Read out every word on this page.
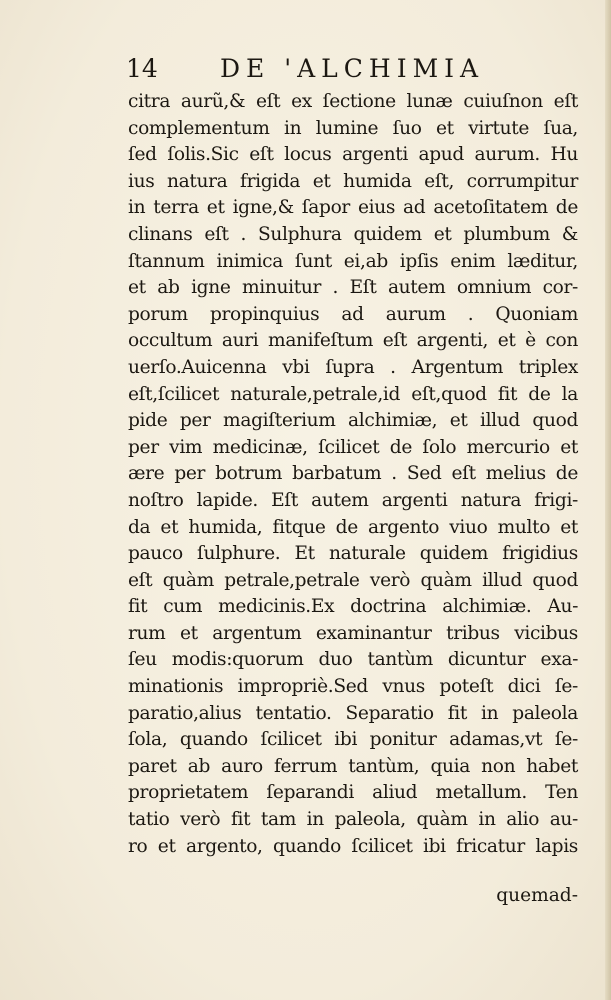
14 DE 'ALCHIMIA
citra aurũ,& eſt ex ſectione lunæ cuiuſnon eſt
complementum in lumine ſuo et virtute ſua,
ſed ſolis.Sic eſt locus argenti apud aurum. Hu
ius natura frigida et humida eſt, corrumpitur
in terra et igne,& ſapor eius ad acetoſitatem de
clinans eſt . Sulphura quidem et plumbum &
ſtannum inimica ſunt ei,ab ipſis enim læditur,
et ab igne minuitur . Eſt autem omnium cor-
porum propinquius ad aurum . Quoniam
occultum auri manifeſtum eſt argenti, et è con
uerſo.Auicenna vbi ſupra . Argentum triplex
eſt,ſcilicet naturale,petrale,id eſt,quod fit de la
pide per magiſterium alchimiæ, et illud quod
per vim medicinæ, ſcilicet de ſolo mercurio et
ære per botrum barbatum . Sed eſt melius de
noſtro lapide. Eſt autem argenti natura frigi-
da et humida, fitque de argento viuo multo et
pauco ſulphure. Et naturale quidem frigidius
eſt quàm petrale,petrale verò quàm illud quod
fit cum medicinis.Ex doctrina alchimiæ. Au-
rum et argentum examinantur tribus vicibus
ſeu modis:quorum duo tantùm dicuntur exa-
minationis impropriè.Sed vnus poteſt dici ſe-
paratio,alius tentatio. Separatio fit in paleola
ſola, quando ſcilicet ibi ponitur adamas,vt ſe-
paret ab auro ferrum tantùm, quia non habet
proprietatem ſeparandi aliud metallum. Ten
tatio verò fit tam in paleola, quàm in alio au-
ro et argento, quando ſcilicet ibi fricatur lapis
quemad-
